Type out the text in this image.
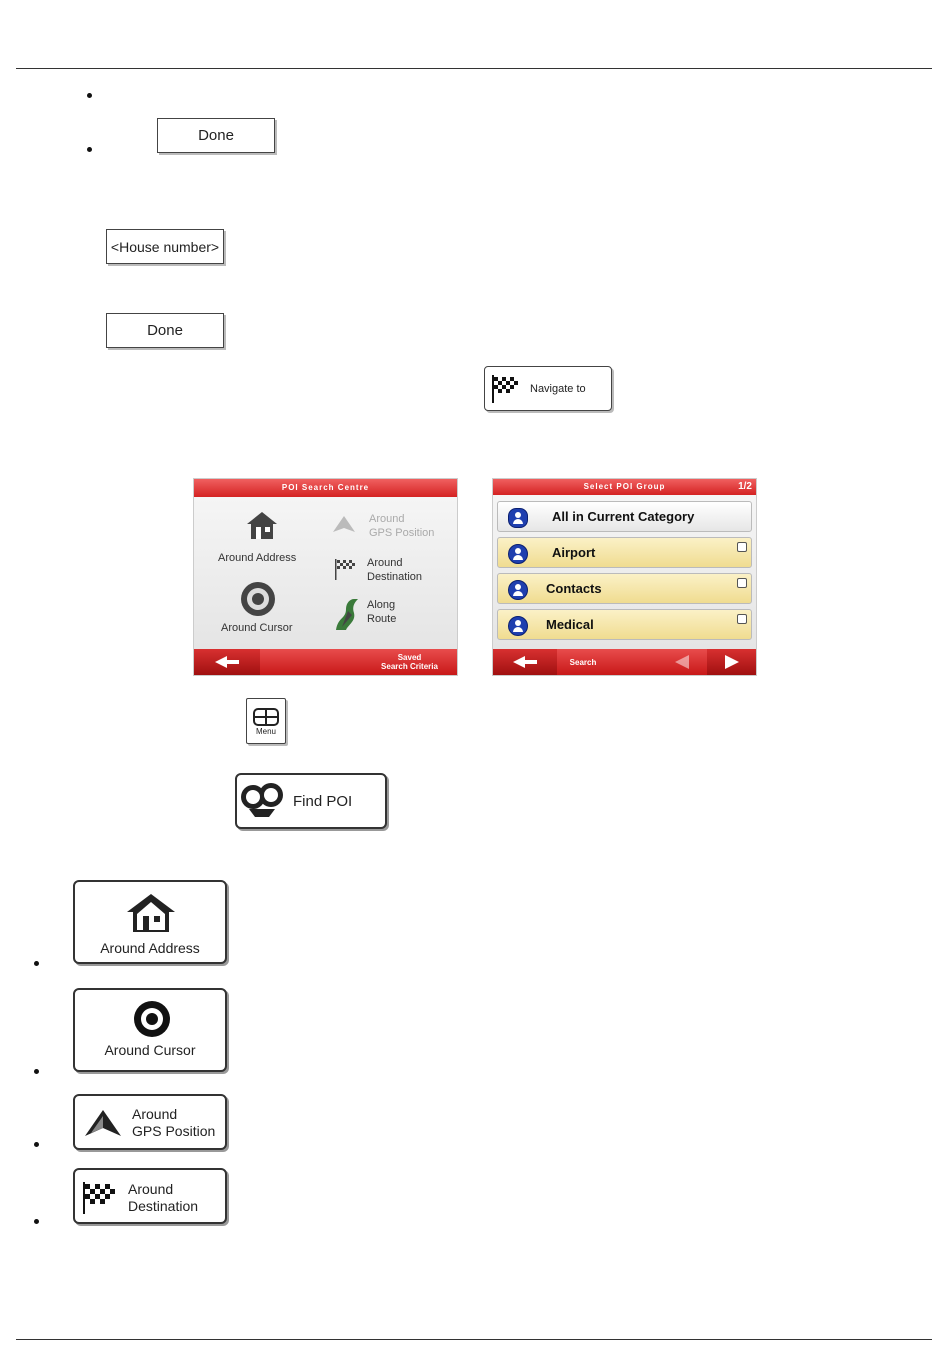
Done
<House number>
Done
Navigate to
POI Search Centre
Around Address
Around
GPS Position
Around
Destination
Around Cursor
Along
Route
Saved
Search Criteria
Select POI Group	1/2
All in Current Category
Airport
Contacts
Medical
Search
Menu
Find POI
Around Address
Around Cursor
Around
GPS Position
Around
Destination
